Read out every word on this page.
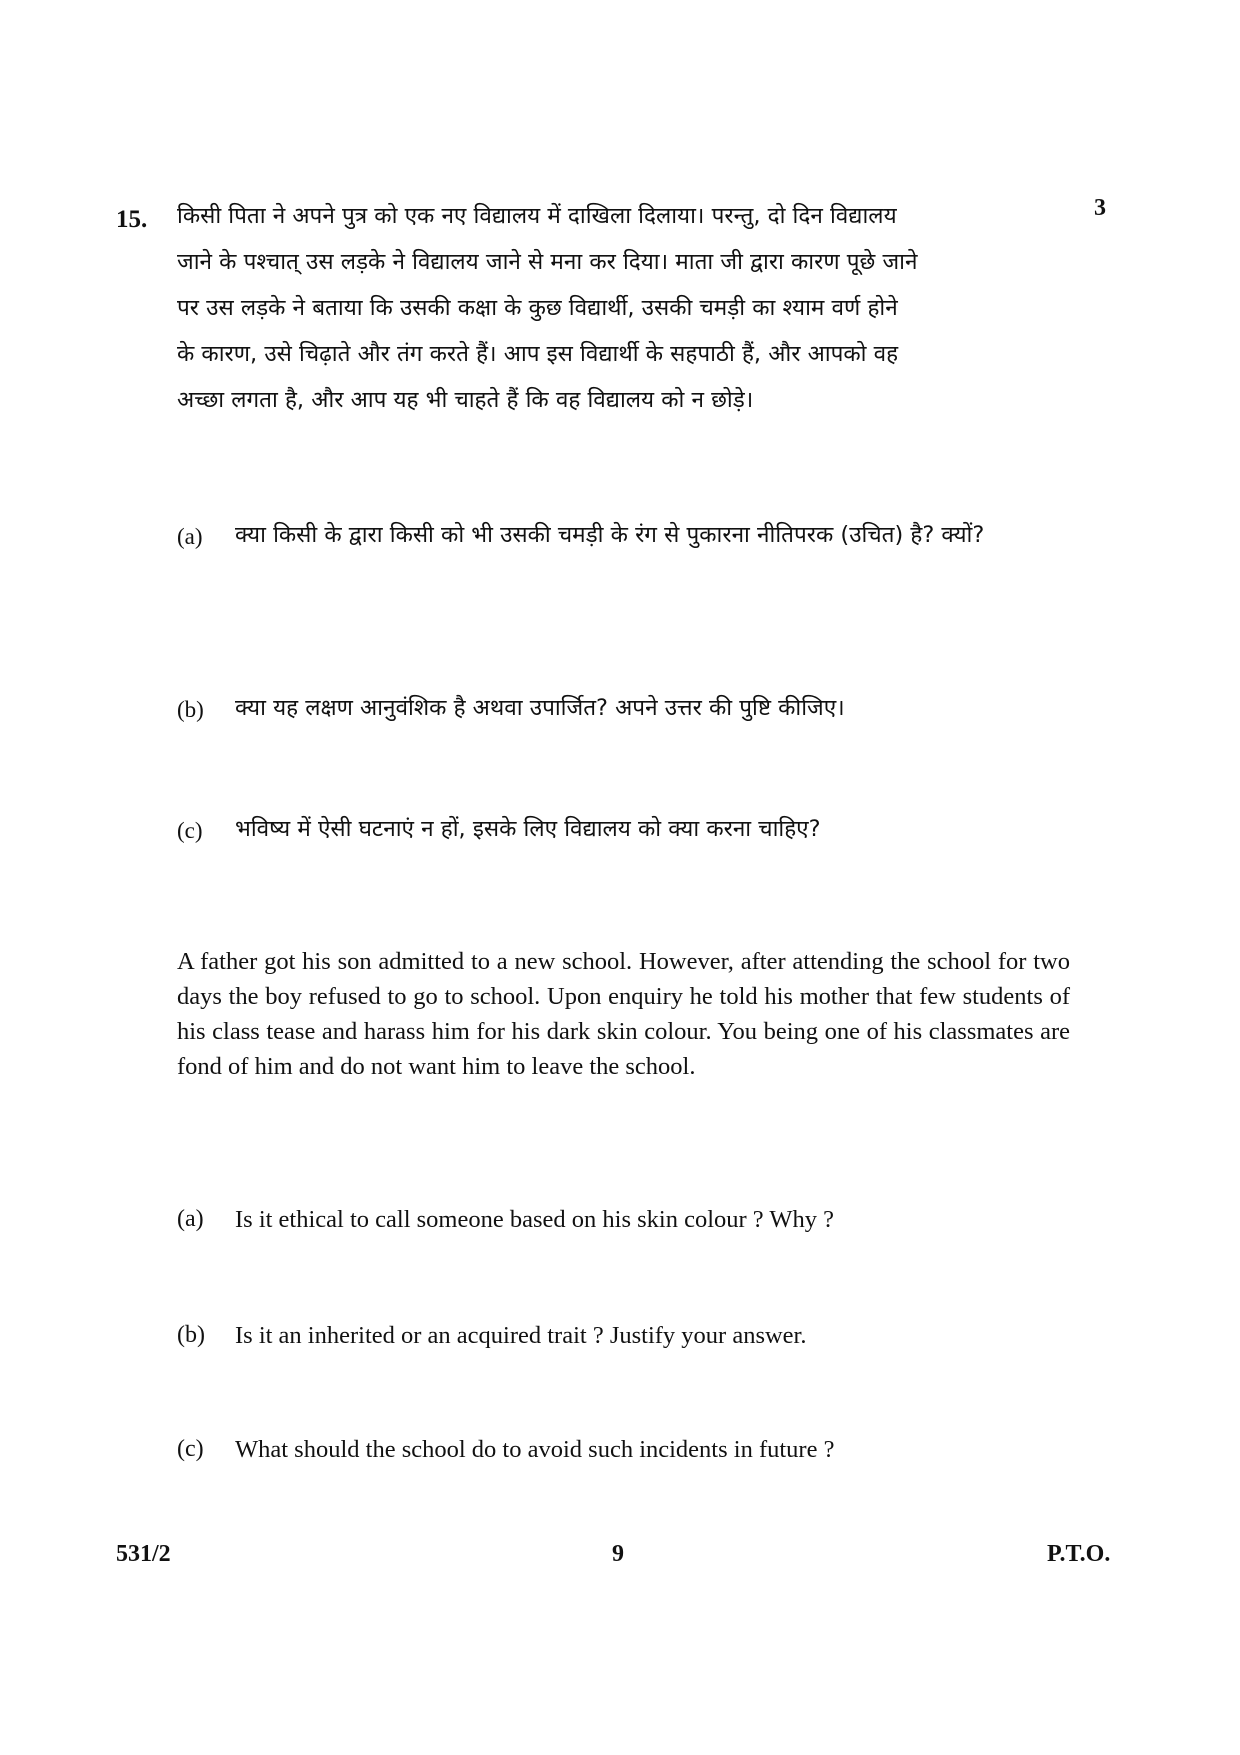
15.	3
किसी पिता ने अपने पुत्र को एक नए विद्यालय में दाखिला दिलाया। परन्तु, दो दिन विद्यालय
जाने के पश्चात् उस लड़के ने विद्यालय जाने से मना कर दिया। माता जी द्वारा कारण पूछे जाने
पर उस लड़के ने बताया कि उसकी कक्षा के कुछ विद्यार्थी, उसकी चमड़ी का श्याम वर्ण होने
के कारण, उसे चिढ़ाते और तंग करते हैं। आप इस विद्यार्थी के सहपाठी हैं, और आपको वह
अच्छा लगता है, और आप यह भी चाहते हैं कि वह विद्यालय को न छोड़े।
(a) क्या किसी के द्वारा किसी को भी उसकी चमड़ी के रंग से पुकारना नीतिपरक (उचित) है? क्यों?

(b) क्या यह लक्षण आनुवंशिक है अथवा उपार्जित? अपने उत्तर की पुष्टि कीजिए।

(c) भविष्य में ऐसी घटनाएं न हों, इसके लिए विद्यालय को क्या करना चाहिए?

A father got his son admitted to a new school. However, after attending the school for two days the boy refused to go to school. Upon enquiry he told his mother that few students of his class tease and harass him for his dark skin colour. You being one of his classmates are fond of him and do not want him to leave the school.

(a) Is it ethical to call someone based on his skin colour ? Why ?

(b) Is it an inherited or an acquired trait ? Justify your answer.

(c) What should the school do to avoid such incidents in future ?

531/2	9	P.T.O.
